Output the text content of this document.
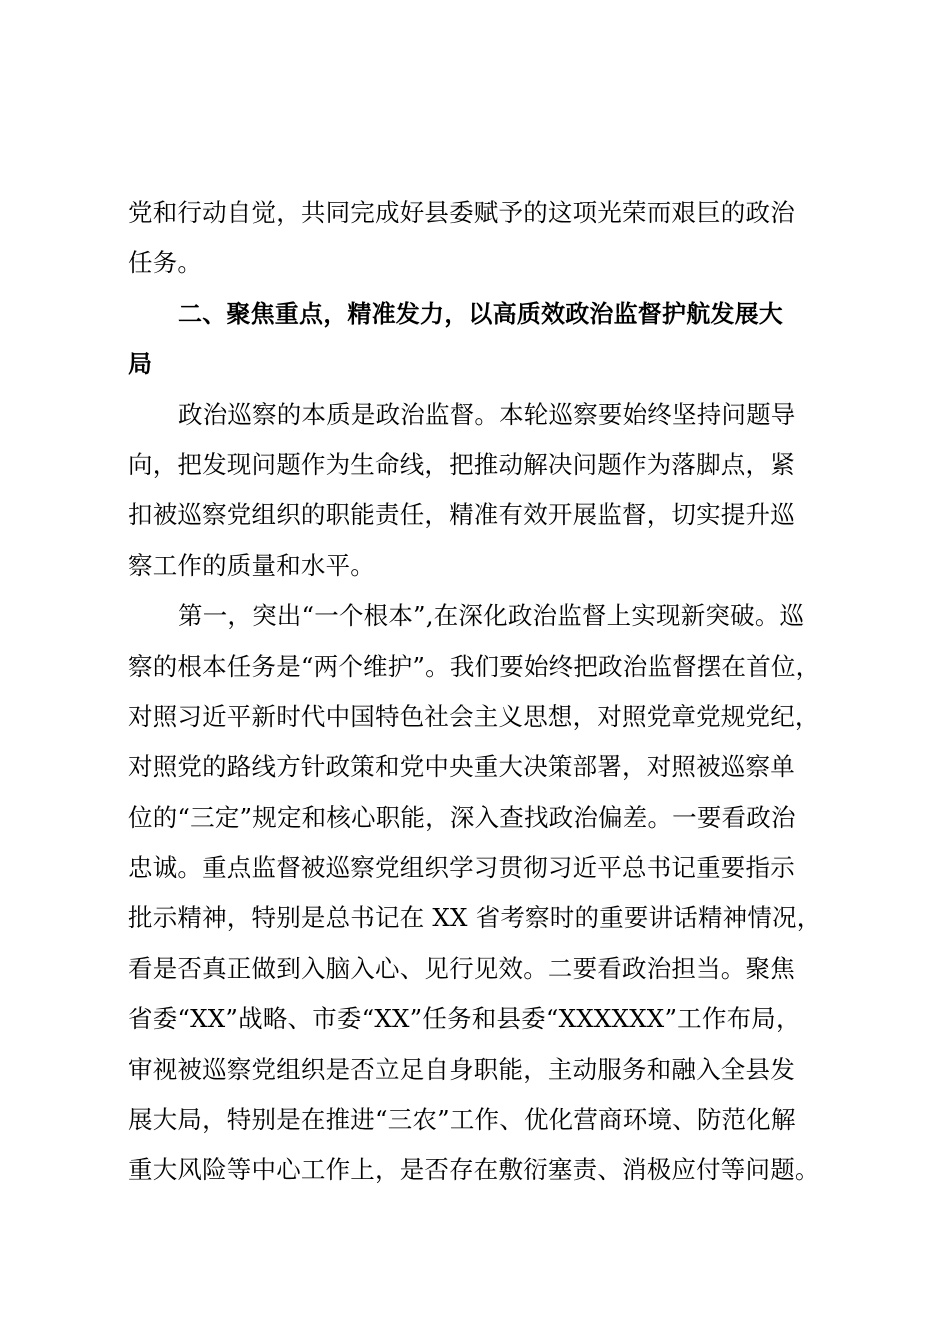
党和行动自觉，共同完成好县委赋予的这项光荣而艰巨的政治
任务。
二、聚焦重点，精准发力，以高质效政治监督护航发展大
局
政治巡察的本质是政治监督。本轮巡察要始终坚持问题导
向，把发现问题作为生命线，把推动解决问题作为落脚点，紧
扣被巡察党组织的职能责任，精准有效开展监督，切实提升巡
察工作的质量和水平。
第一，突出“一个根本”,在深化政治监督上实现新突破。巡
察的根本任务是“两个维护”。我们要始终把政治监督摆在首位，
对照习近平新时代中国特色社会主义思想，对照党章党规党纪，
对照党的路线方针政策和党中央重大决策部署，对照被巡察单
位的“三定”规定和核心职能，深入查找政治偏差。一要看政治
忠诚。重点监督被巡察党组织学习贯彻习近平总书记重要指示
批示精神，特别是总书记在 XX 省考察时的重要讲话精神情况，
看是否真正做到入脑入心、见行见效。二要看政治担当。聚焦
省委“XX”战略、市委“XX”任务和县委“XXXXXX”工作布局，
审视被巡察党组织是否立足自身职能，主动服务和融入全县发
展大局，特别是在推进“三农”工作、优化营商环境、防范化解
重大风险等中心工作上，是否存在敷衍塞责、消极应付等问题。
